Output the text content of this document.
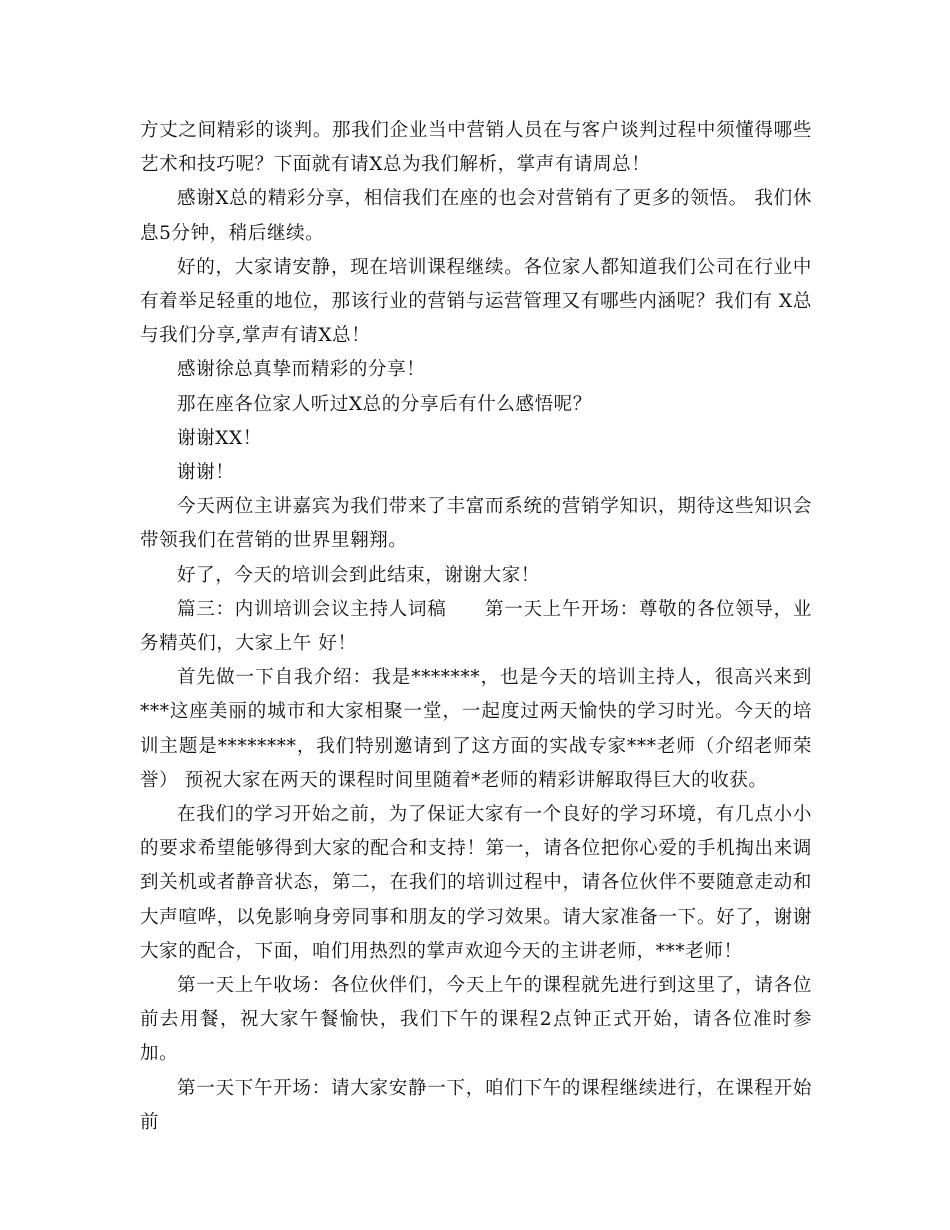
方丈之间精彩的谈判。那我们企业当中营销人员在与客户谈判过程中须懂得哪些艺术和技巧呢？下面就有请X总为我们解析，掌声有请周总！

感谢X总的精彩分享，相信我们在座的也会对营销有了更多的领悟。 我们休息5分钟，稍后继续。

好的，大家请安静，现在培训课程继续。各位家人都知道我们公司在行业中有着举足轻重的地位，那该行业的营销与运营管理又有哪些内涵呢？我们有 X总与我们分享,掌声有请X总！

感谢徐总真挚而精彩的分享！

那在座各位家人听过X总的分享后有什么感悟呢？

谢谢XX！

谢谢！

今天两位主讲嘉宾为我们带来了丰富而系统的营销学知识，期待这些知识会带领我们在营销的世界里翱翔。

好了，今天的培训会到此结束，谢谢大家！

篇三：内训培训会议主持人词稿　　第一天上午开场：尊敬的各位领导，业务精英们，大家上午 好！

首先做一下自我介绍：我是*******，也是今天的培训主持人，很高兴来到***这座美丽的城市和大家相聚一堂，一起度过两天愉快的学习时光。今天的培训主题是********，我们特别邀请到了这方面的实战专家***老师（介绍老师荣誉） 预祝大家在两天的课程时间里随着*老师的精彩讲解取得巨大的收获。

在我们的学习开始之前，为了保证大家有一个良好的学习环境，有几点小小的要求希望能够得到大家的配合和支持！第一，请各位把你心爱的手机掏出来调到关机或者静音状态，第二，在我们的培训过程中，请各位伙伴不要随意走动和大声喧哗，以免影响身旁同事和朋友的学习效果。请大家准备一下。好了，谢谢大家的配合，下面，咱们用热烈的掌声欢迎今天的主讲老师，***老师！

第一天上午收场：各位伙伴们，今天上午的课程就先进行到这里了，请各位前去用餐，祝大家午餐愉快，我们下午的课程2点钟正式开始，请各位准时参加。

第一天下午开场：请大家安静一下，咱们下午的课程继续进行，在课程开始前
